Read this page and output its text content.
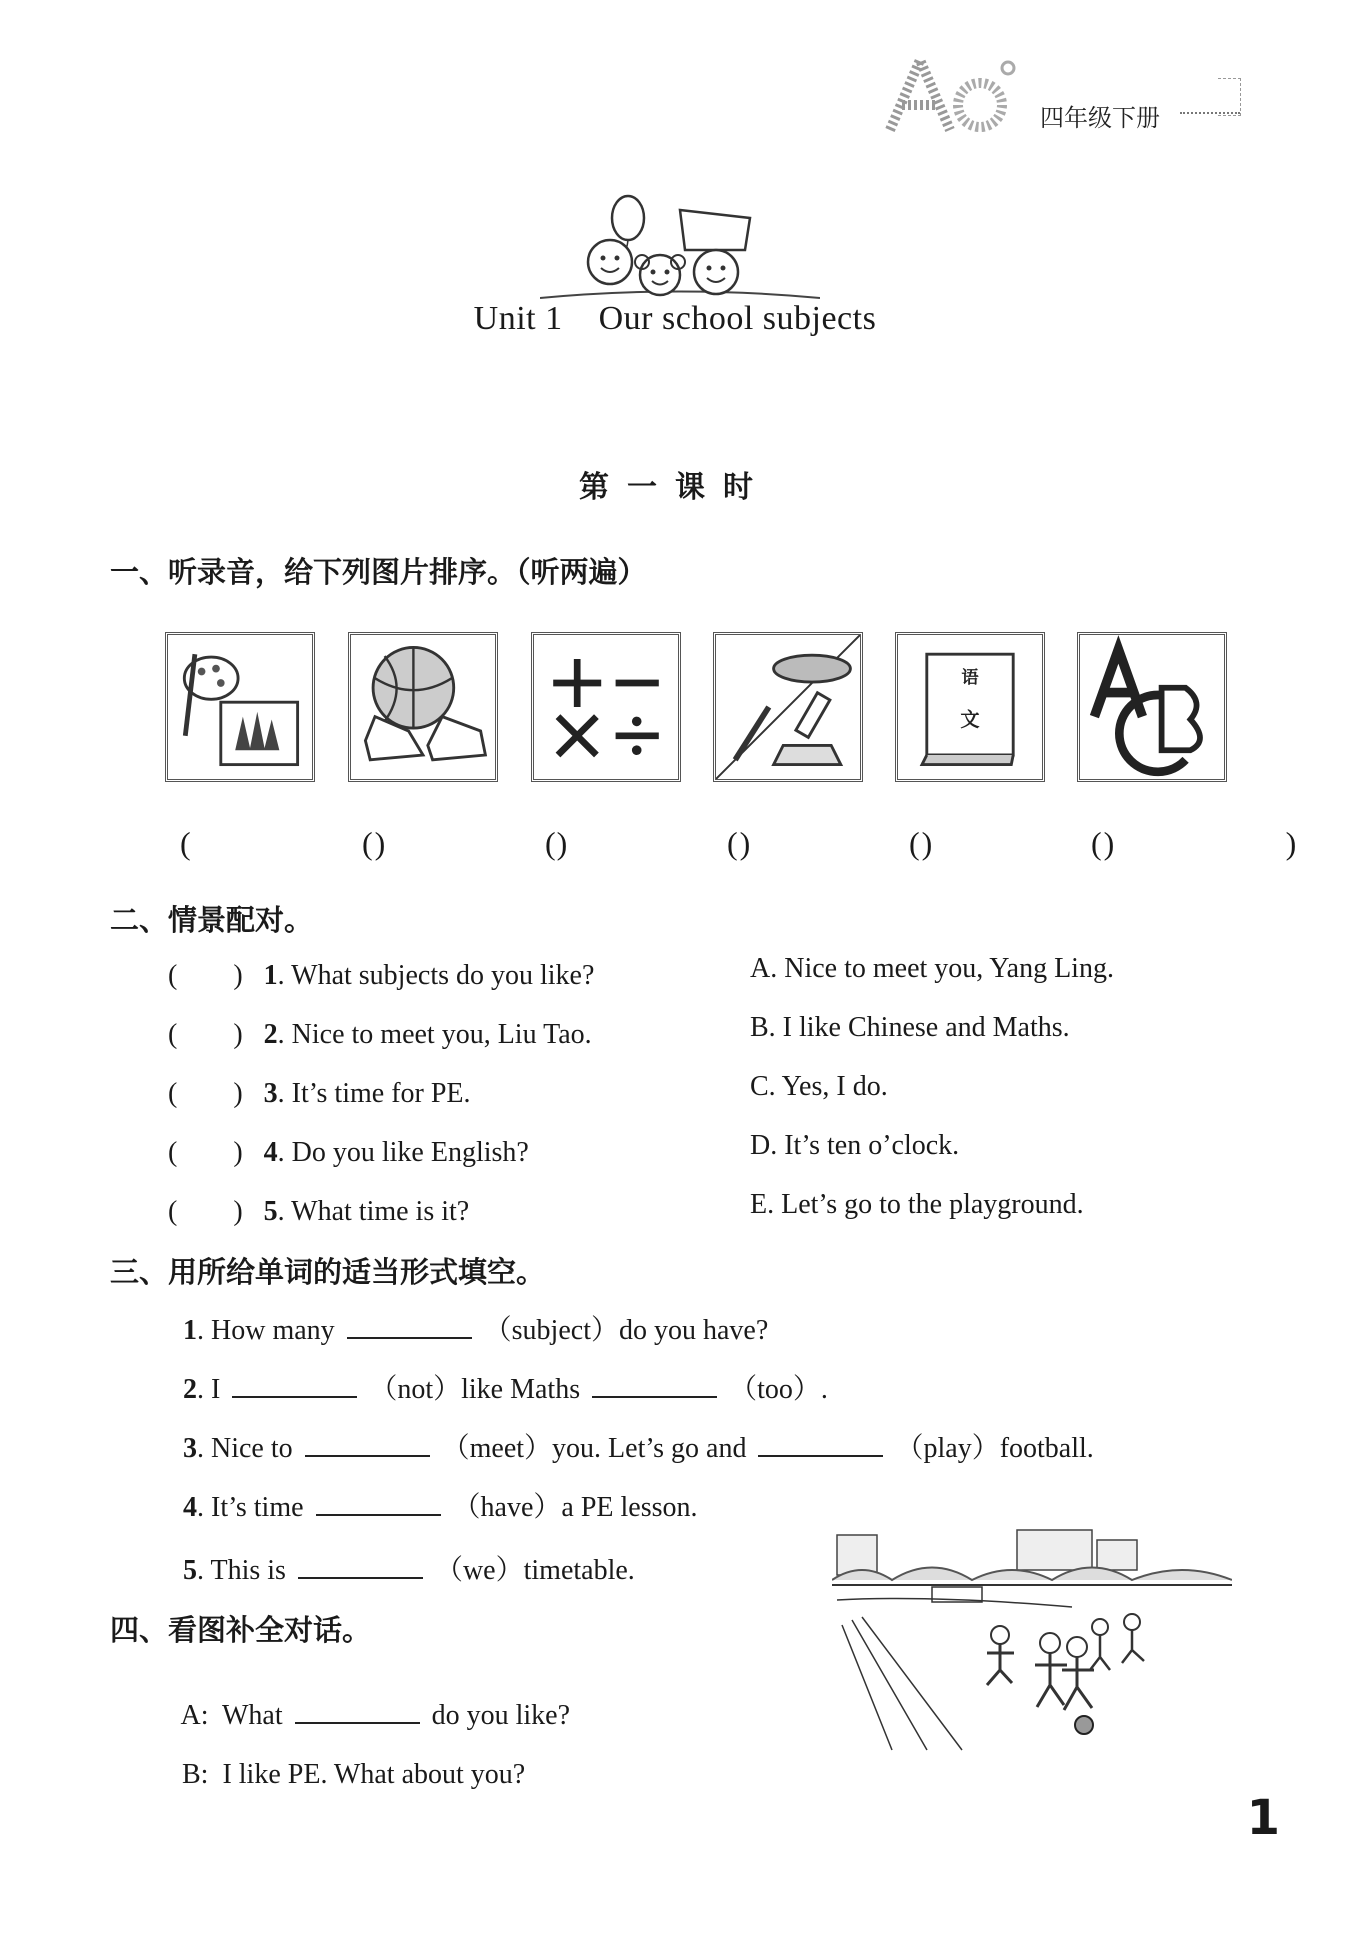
四年级下册
Unit 1    Our school subjects
第一课时
一、听录音，给下列图片排序。（听两遍）
语
文
(　　)
(　　)
(　　)
(　　)
(　　)
(　　)
二、情景配对。
(　　) 1. What subjects do you like?
(　　) 2. Nice to meet you, Liu Tao.
(　　) 3. It’s time for PE.
(　　) 4. Do you like English?
(　　) 5. What time is it?
A. Nice to meet you, Yang Ling.
B. I like Chinese and Maths.
C. Yes, I do.
D. It’s ten o’clock.
E. Let’s go to the playground.
三、用所给单词的适当形式填空。
1. How many	（subject）do you have?
2. I	（not）like Maths	（too）.
3. Nice to	（meet）you. Let’s go and	（play）football.
4. It’s time	（have）a PE lesson.
5. This is	（we）timetable.
四、看图补全对话。

A:  What	do you like?

B:  I like PE. What about you?

1
